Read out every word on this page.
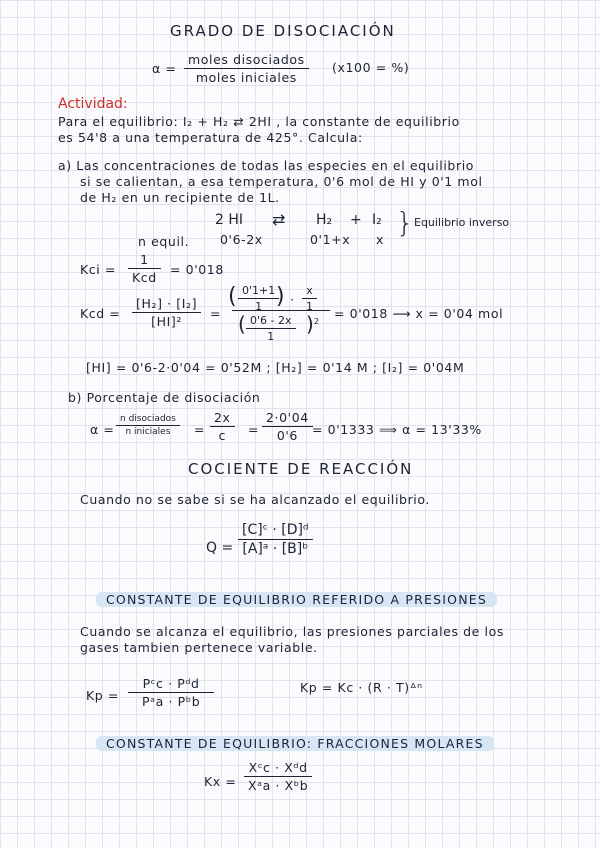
GRADO DE DISOCIACIÓN
α =
moles disociados
moles iniciales
(x100 = %)
Actividad:
Para el equilibrio: I₂ + H₂ ⇄ 2HI , la constante de equilibrio
es 54'8 a una temperatura de 425°. Calcula:
a) Las concentraciones de todas las especies en el equilibrio
si se calientan, a esa temperatura, 0'6 mol de HI y 0'1 mol
de H₂ en un recipiente de 1L.
2 HI ⇄ H₂ + I₂ } Equilibrio inverso
n equil. 0'6-2x	0'1+x x
Kci =
1
Kcd
= 0'018
Kcd =
[H₂] · [I₂]
[HI]²
=
( 0'1+1
1 ) ·
x
1
( 0'6 - 2x
1
)$^2$
= 0'018 ⟶ x = 0'04 mol
[HI] = 0'6-2·0'04 = 0'52M ; [H₂] = 0'14 M ; [I₂] = 0'04M
b) Porcentaje de disociación
α =
n disociados
n iniciales	=
2x
c	=
2·0'04
0'6	= 0'1333 ⟹ α = 13'33%
COCIENTE DE REACCIÓN
Cuando no se sabe si se ha alcanzado el equilibrio.
Q =
[C]ᶜ · [D]ᵈ
[A]ᵃ · [B]ᵇ
CONSTANTE DE EQUILIBRIO REFERIDO A PRESIONES
Cuando se alcanza el equilibrio, las presiones parciales de los
gases tambien pertenece variable.
Kp =
Pᶜc · Pᵈd
Pᵃa · Pᵇb
Kp = Kc · (R · T)ᐞⁿ
CONSTANTE DE EQUILIBRIO: FRACCIONES MOLARES
Kx =
Xᶜc · Xᵈd
Xᵃa · Xᵇb
